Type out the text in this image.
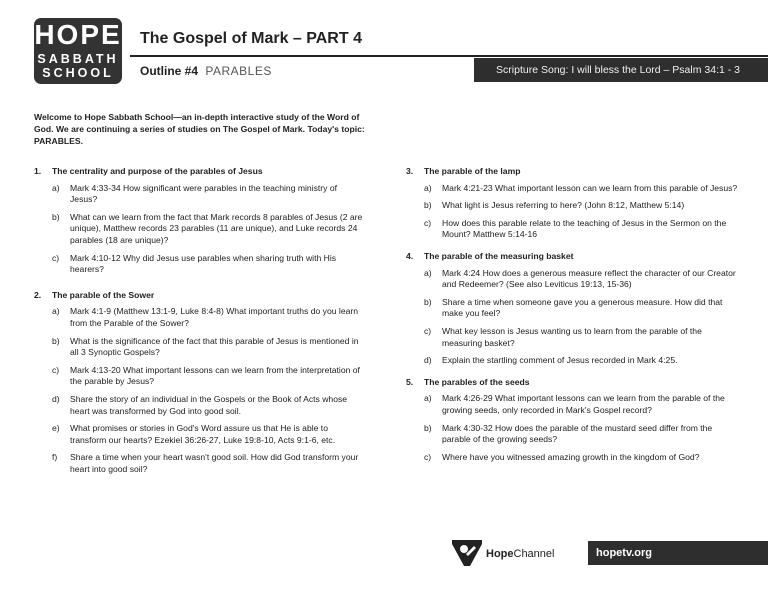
HOPE
SABBATH
SCHOOL
The Gospel of Mark – PART 4
Outline #4 PARABLES	Scripture Song: I will bless the Lord – Psalm 34:1 - 3
Welcome to Hope Sabbath School—an in-depth interactive study of the Word of God. We are continuing a series of studies on The Gospel of Mark. Today's topic: PARABLES.
1. The centrality and purpose of the parables of Jesus
a) Mark 4:33-34 How significant were parables in the teaching ministry of Jesus?
b) What can we learn from the fact that Mark records 8 parables of Jesus (2 are unique), Matthew records 23 parables (11 are unique), and Luke records 24 parables (18 are unique)?
c) Mark 4:10-12 Why did Jesus use parables when sharing truth with His hearers?
2. The parable of the Sower
a) Mark 4:1-9 (Matthew 13:1-9, Luke 8:4-8) What important truths do you learn from the Parable of the Sower?
b) What is the significance of the fact that this parable of Jesus is mentioned in all 3 Synoptic Gospels?
c) Mark 4:13-20 What important lessons can we learn from the interpretation of the parable by Jesus?
d) Share the story of an individual in the Gospels or the Book of Acts whose heart was transformed by God into good soil.
e) What promises or stories in God's Word assure us that He is able to transform our hearts? Ezekiel 36:26-27, Luke 19:8-10, Acts 9:1-6, etc.
f) Share a time when your heart wasn't good soil. How did God transform your heart into good soil?
3. The parable of the lamp
a) Mark 4:21-23 What important lesson can we learn from this parable of Jesus?
b) What light is Jesus referring to here? (John 8:12, Matthew 5:14)
c) How does this parable relate to the teaching of Jesus in the Sermon on the Mount? Matthew 5:14-16
4. The parable of the measuring basket
a) Mark 4:24 How does a generous measure reflect the character of our Creator and Redeemer? (See also Leviticus 19:13, 15-36)
b) Share a time when someone gave you a generous measure. How did that make you feel?
c) What key lesson is Jesus wanting us to learn from the parable of the measuring basket?
d) Explain the startling comment of Jesus recorded in Mark 4:25.
5. The parables of the seeds
a) Mark 4:26-29 What important lessons can we learn from the parable of the growing seeds, only recorded in Mark's Gospel record?
b) Mark 4:30-32 How does the parable of the mustard seed differ from the parable of the growing seeds?
c) Where have you witnessed amazing growth in the kingdom of God?
HopeChannel	hopetv.org
